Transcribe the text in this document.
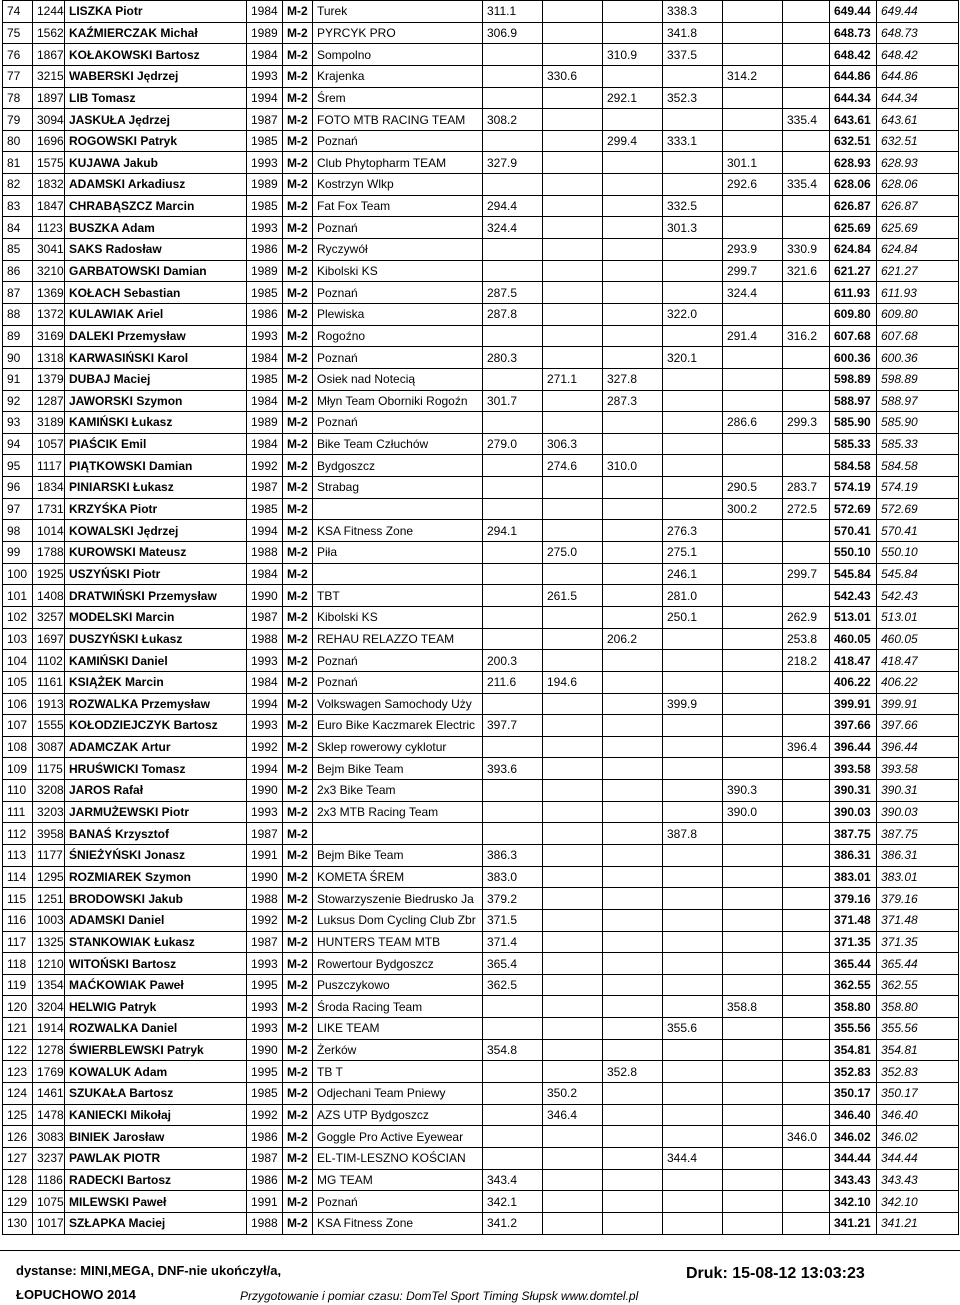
74	1244	LISZKA Piotr	1984	M-2	Turek	311.1			338.3			649.44	649.44
75	1562	KAŹMIERCZAK Michał	1989	M-2	PYRCYK PRO	306.9			341.8			648.73	648.73
76	1867	KOŁAKOWSKI Bartosz	1984	M-2	Sompolno			310.9	337.5			648.42	648.42
77	3215	WABERSKI Jędrzej	1993	M-2	Krajenka		330.6			314.2		644.86	644.86
78	1897	LIB Tomasz	1994	M-2	Śrem			292.1	352.3			644.34	644.34
79	3094	JASKUŁA Jędrzej	1987	M-2	FOTO MTB RACING TEAM	308.2					335.4	643.61	643.61
80	1696	ROGOWSKI Patryk	1985	M-2	Poznań			299.4	333.1			632.51	632.51
81	1575	KUJAWA Jakub	1993	M-2	Club Phytopharm TEAM	327.9				301.1		628.93	628.93
82	1832	ADAMSKI Arkadiusz	1989	M-2	Kostrzyn Wlkp					292.6	335.4	628.06	628.06
83	1847	CHRABĄSZCZ Marcin	1985	M-2	Fat Fox Team	294.4			332.5			626.87	626.87
84	1123	BUSZKA Adam	1993	M-2	Poznań	324.4			301.3			625.69	625.69
85	3041	SAKS Radosław	1986	M-2	Ryczywół					293.9	330.9	624.84	624.84
86	3210	GARBATOWSKI Damian	1989	M-2	Kibolski KS					299.7	321.6	621.27	621.27
87	1369	KOŁACH Sebastian	1985	M-2	Poznań	287.5				324.4		611.93	611.93
88	1372	KULAWIAK Ariel	1986	M-2	Plewiska	287.8			322.0			609.80	609.80
89	3169	DALEKI Przemysław	1993	M-2	Rogoźno					291.4	316.2	607.68	607.68
90	1318	KARWASIŃSKI Karol	1984	M-2	Poznań	280.3			320.1			600.36	600.36
91	1379	DUBAJ Maciej	1985	M-2	Osiek nad Notecią		271.1	327.8				598.89	598.89
92	1287	JAWORSKI Szymon	1984	M-2	Młyn Team Oborniki Rogoźn	301.7		287.3				588.97	588.97
93	3189	KAMIŃSKI Łukasz	1989	M-2	Poznań					286.6	299.3	585.90	585.90
94	1057	PIAŚCIK Emil	1984	M-2	Bike Team Człuchów	279.0	306.3					585.33	585.33
95	1117	PIĄTKOWSKI Damian	1992	M-2	Bydgoszcz		274.6	310.0				584.58	584.58
96	1834	PINIARSKI Łukasz	1987	M-2	Strabag					290.5	283.7	574.19	574.19
97	1731	KRZYŚKA Piotr	1985	M-2						300.2	272.5	572.69	572.69
98	1014	KOWALSKI Jędrzej	1994	M-2	KSA Fitness Zone	294.1			276.3			570.41	570.41
99	1788	KUROWSKI Mateusz	1988	M-2	Piła		275.0		275.1			550.10	550.10
100	1925	USZYŃSKI Piotr	1984	M-2					246.1		299.7	545.84	545.84
101	1408	DRATWIŃSKI Przemysław	1990	M-2	TBT		261.5		281.0			542.43	542.43
102	3257	MODELSKI Marcin	1987	M-2	Kibolski KS				250.1		262.9	513.01	513.01
103	1697	DUSZYŃSKI Łukasz	1988	M-2	REHAU RELAZZO TEAM			206.2			253.8	460.05	460.05
104	1102	KAMIŃSKI Daniel	1993	M-2	Poznań	200.3					218.2	418.47	418.47
105	1161	KSIĄŻEK Marcin	1984	M-2	Poznań	211.6	194.6					406.22	406.22
106	1913	ROZWALKA Przemysław	1994	M-2	Volkswagen Samochody Uży				399.9			399.91	399.91
107	1555	KOŁODZIEJCZYK Bartosz	1993	M-2	Euro Bike Kaczmarek Electric	397.7						397.66	397.66
108	3087	ADAMCZAK Artur	1992	M-2	Sklep rowerowy cyklotur						396.4	396.44	396.44
109	1175	HRUŚWICKI Tomasz	1994	M-2	Bejm Bike Team	393.6						393.58	393.58
110	3208	JAROS Rafał	1990	M-2	2x3 Bike Team					390.3		390.31	390.31
111	3203	JARMUŻEWSKI Piotr	1993	M-2	2x3 MTB Racing Team					390.0		390.03	390.03
112	3958	BANAŚ Krzysztof	1987	M-2					387.8			387.75	387.75
113	1177	ŚNIEŻYŃSKI Jonasz	1991	M-2	Bejm Bike Team	386.3						386.31	386.31
114	1295	ROZMIAREK Szymon	1990	M-2	KOMETA ŚREM	383.0						383.01	383.01
115	1251	BRODOWSKI Jakub	1988	M-2	Stowarzyszenie Biedrusko Ja	379.2						379.16	379.16
116	1003	ADAMSKI Daniel	1992	M-2	Luksus Dom Cycling Club Zbr	371.5						371.48	371.48
117	1325	STANKOWIAK Łukasz	1987	M-2	HUNTERS TEAM MTB	371.4						371.35	371.35
118	1210	WITOŃSKI Bartosz	1993	M-2	Rowertour Bydgoszcz	365.4						365.44	365.44
119	1354	MAĆKOWIAK Paweł	1995	M-2	Puszczykowo	362.5						362.55	362.55
120	3204	HELWIG Patryk	1993	M-2	Środa Racing Team					358.8		358.80	358.80
121	1914	ROZWALKA Daniel	1993	M-2	LIKE TEAM				355.6			355.56	355.56
122	1278	ŚWIERBLEWSKI Patryk	1990	M-2	Żerków	354.8						354.81	354.81
123	1769	KOWALUK Adam	1995	M-2	TB T			352.8				352.83	352.83
124	1461	SZUKAŁA Bartosz	1985	M-2	Odjechani Team Pniewy		350.2					350.17	350.17
125	1478	KANIECKI Mikołaj	1992	M-2	AZS UTP Bydgoszcz		346.4					346.40	346.40
126	3083	BINIEK Jarosław	1986	M-2	Goggle Pro Active Eyewear						346.0	346.02	346.02
127	3237	PAWLAK PIOTR	1987	M-2	EL-TIM-LESZNO KOŚCIAN				344.4			344.44	344.44
128	1186	RADECKI Bartosz	1986	M-2	MG TEAM	343.4						343.43	343.43
129	1075	MILEWSKI Paweł	1991	M-2	Poznań	342.1						342.10	342.10
130	1017	SZŁAPKA Maciej	1988	M-2	KSA Fitness Zone	341.2						341.21	341.21
dystanse: MINI,MEGA, DNF-nie ukończył/a,
ŁOPUCHOWO 2014	Przygotowanie i pomiar czasu: DomTel Sport Timing Słupsk www.domtel.pl
Druk: 15-08-12 13:03:23
